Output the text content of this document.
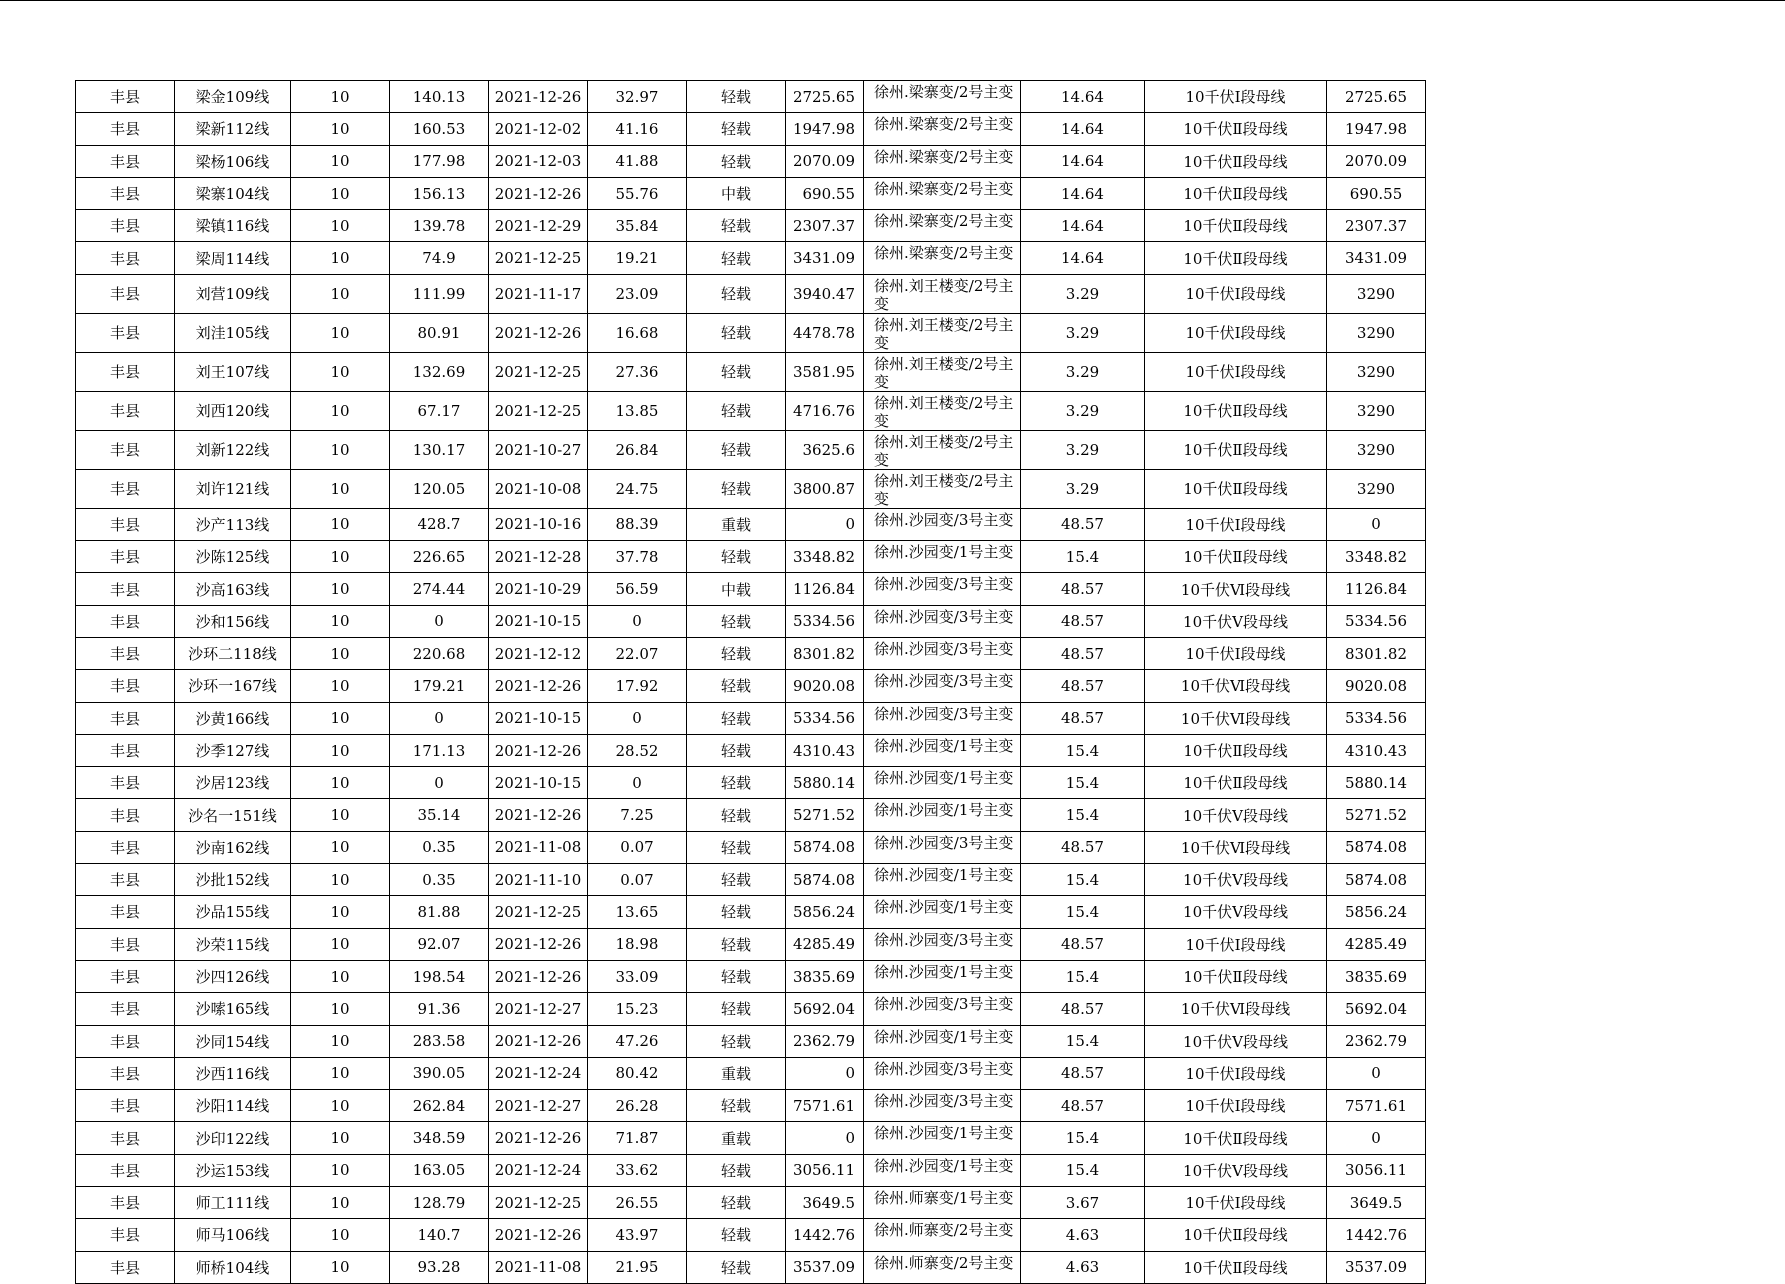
丰县	梁金109线	10	140.13	2021-12-26	32.97	轻载	2725.65	徐州.梁寨变/2号主变	14.64	10千伏Ⅰ段母线	2725.65
丰县	梁新112线	10	160.53	2021-12-02	41.16	轻载	1947.98	徐州.梁寨变/2号主变	14.64	10千伏Ⅱ段母线	1947.98
丰县	梁杨106线	10	177.98	2021-12-03	41.88	轻载	2070.09	徐州.梁寨变/2号主变	14.64	10千伏Ⅱ段母线	2070.09
丰县	梁寨104线	10	156.13	2021-12-26	55.76	中载	690.55	徐州.梁寨变/2号主变	14.64	10千伏Ⅱ段母线	690.55
丰县	梁镇116线	10	139.78	2021-12-29	35.84	轻载	2307.37	徐州.梁寨变/2号主变	14.64	10千伏Ⅱ段母线	2307.37
丰县	梁周114线	10	74.9	2021-12-25	19.21	轻载	3431.09	徐州.梁寨变/2号主变	14.64	10千伏Ⅱ段母线	3431.09
丰县	刘营109线	10	111.99	2021-11-17	23.09	轻载	3940.47	徐州.刘王楼变/2号主变	3.29	10千伏Ⅰ段母线	3290
丰县	刘洼105线	10	80.91	2021-12-26	16.68	轻载	4478.78	徐州.刘王楼变/2号主变	3.29	10千伏Ⅰ段母线	3290
丰县	刘王107线	10	132.69	2021-12-25	27.36	轻载	3581.95	徐州.刘王楼变/2号主变	3.29	10千伏Ⅰ段母线	3290
丰县	刘西120线	10	67.17	2021-12-25	13.85	轻载	4716.76	徐州.刘王楼变/2号主变	3.29	10千伏Ⅱ段母线	3290
丰县	刘新122线	10	130.17	2021-10-27	26.84	轻载	3625.6	徐州.刘王楼变/2号主变	3.29	10千伏Ⅱ段母线	3290
丰县	刘许121线	10	120.05	2021-10-08	24.75	轻载	3800.87	徐州.刘王楼变/2号主变	3.29	10千伏Ⅱ段母线	3290
丰县	沙产113线	10	428.7	2021-10-16	88.39	重载	0	徐州.沙园变/3号主变	48.57	10千伏Ⅰ段母线	0
丰县	沙陈125线	10	226.65	2021-12-28	37.78	轻载	3348.82	徐州.沙园变/1号主变	15.4	10千伏Ⅱ段母线	3348.82
丰县	沙高163线	10	274.44	2021-10-29	56.59	中载	1126.84	徐州.沙园变/3号主变	48.57	10千伏Ⅵ段母线	1126.84
丰县	沙和156线	10	0	2021-10-15	0	轻载	5334.56	徐州.沙园变/3号主变	48.57	10千伏Ⅴ段母线	5334.56
丰县	沙环二118线	10	220.68	2021-12-12	22.07	轻载	8301.82	徐州.沙园变/3号主变	48.57	10千伏Ⅰ段母线	8301.82
丰县	沙环一167线	10	179.21	2021-12-26	17.92	轻载	9020.08	徐州.沙园变/3号主变	48.57	10千伏Ⅵ段母线	9020.08
丰县	沙黄166线	10	0	2021-10-15	0	轻载	5334.56	徐州.沙园变/3号主变	48.57	10千伏Ⅵ段母线	5334.56
丰县	沙季127线	10	171.13	2021-12-26	28.52	轻载	4310.43	徐州.沙园变/1号主变	15.4	10千伏Ⅱ段母线	4310.43
丰县	沙居123线	10	0	2021-10-15	0	轻载	5880.14	徐州.沙园变/1号主变	15.4	10千伏Ⅱ段母线	5880.14
丰县	沙名一151线	10	35.14	2021-12-26	7.25	轻载	5271.52	徐州.沙园变/1号主变	15.4	10千伏Ⅴ段母线	5271.52
丰县	沙南162线	10	0.35	2021-11-08	0.07	轻载	5874.08	徐州.沙园变/3号主变	48.57	10千伏Ⅵ段母线	5874.08
丰县	沙批152线	10	0.35	2021-11-10	0.07	轻载	5874.08	徐州.沙园变/1号主变	15.4	10千伏Ⅴ段母线	5874.08
丰县	沙品155线	10	81.88	2021-12-25	13.65	轻载	5856.24	徐州.沙园变/1号主变	15.4	10千伏Ⅴ段母线	5856.24
丰县	沙荣115线	10	92.07	2021-12-26	18.98	轻载	4285.49	徐州.沙园变/3号主变	48.57	10千伏Ⅰ段母线	4285.49
丰县	沙四126线	10	198.54	2021-12-26	33.09	轻载	3835.69	徐州.沙园变/1号主变	15.4	10千伏Ⅱ段母线	3835.69
丰县	沙嗦165线	10	91.36	2021-12-27	15.23	轻载	5692.04	徐州.沙园变/3号主变	48.57	10千伏Ⅵ段母线	5692.04
丰县	沙同154线	10	283.58	2021-12-26	47.26	轻载	2362.79	徐州.沙园变/1号主变	15.4	10千伏Ⅴ段母线	2362.79
丰县	沙西116线	10	390.05	2021-12-24	80.42	重载	0	徐州.沙园变/3号主变	48.57	10千伏Ⅰ段母线	0
丰县	沙阳114线	10	262.84	2021-12-27	26.28	轻载	7571.61	徐州.沙园变/3号主变	48.57	10千伏Ⅰ段母线	7571.61
丰县	沙印122线	10	348.59	2021-12-26	71.87	重载	0	徐州.沙园变/1号主变	15.4	10千伏Ⅱ段母线	0
丰县	沙运153线	10	163.05	2021-12-24	33.62	轻载	3056.11	徐州.沙园变/1号主变	15.4	10千伏Ⅴ段母线	3056.11
丰县	师工111线	10	128.79	2021-12-25	26.55	轻载	3649.5	徐州.师寨变/1号主变	3.67	10千伏Ⅰ段母线	3649.5
丰县	师马106线	10	140.7	2021-12-26	43.97	轻载	1442.76	徐州.师寨变/2号主变	4.63	10千伏Ⅱ段母线	1442.76
丰县	师桥104线	10	93.28	2021-11-08	21.95	轻载	3537.09	徐州.师寨变/2号主变	4.63	10千伏Ⅱ段母线	3537.09
